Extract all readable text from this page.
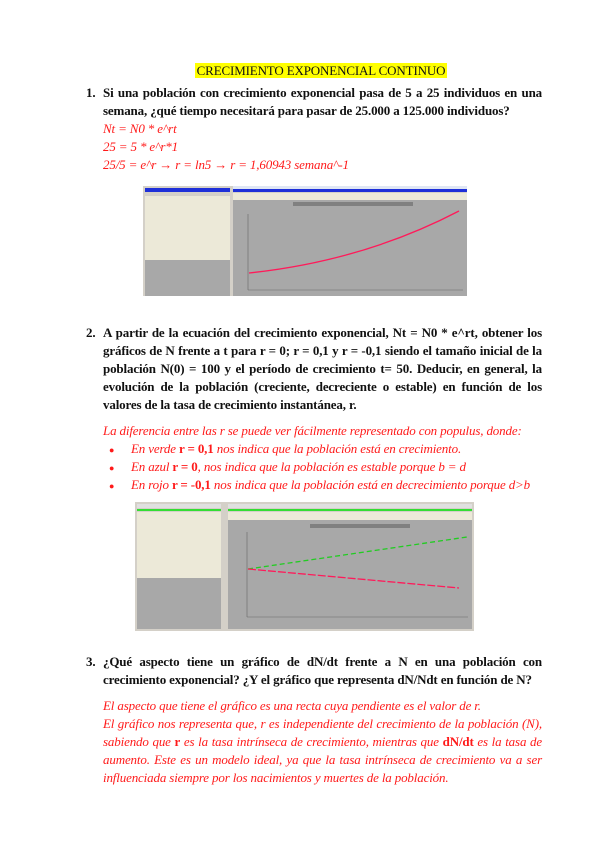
CRECIMIENTO EXPONENCIAL CONTINUO
1. Si una población con crecimiento exponencial pasa de 5 a 25 individuos en una semana, ¿qué tiempo necesitará para pasar de 25.000 a 125.000 individuos?
Nt = N0 * e^rt
25 = 5 * e^r*1
25/5 = e^r → r = ln5 → r = 1,60943 semana^-1
2. A partir de la ecuación del crecimiento exponencial, Nt = N0 * e^rt, obtener los gráficos de N frente a t para r = 0; r = 0,1 y r = -0,1 siendo el tamaño inicial de la población N(0) = 100 y el período de crecimiento t= 50. Deducir, en general, la evolución de la población (creciente, decreciente o estable) en función de los valores de la tasa de crecimiento instantánea, r.
La diferencia entre las r se puede ver fácilmente representado con populus, donde:
● En verde r = 0,1 nos indica que la población está en crecimiento.
● En azul r = 0, nos indica que la población es estable porque b = d
● En rojo r = -0,1 nos indica que la población está en decrecimiento porque d>b
3. ¿Qué aspecto tiene un gráfico de dN/dt frente a N en una población con crecimiento exponencial? ¿Y el gráfico que representa dN/Ndt en función de N?
El aspecto que tiene el gráfico es una recta cuya pendiente es el valor de r.
El gráfico nos representa que, r es independiente del crecimiento de la población (N), sabiendo que r es la tasa intrínseca de crecimiento, mientras que dN/dt es la tasa de aumento. Este es un modelo ideal, ya que la tasa intrínseca de crecimiento va a ser influenciada siempre por los nacimientos y muertes de la población.
